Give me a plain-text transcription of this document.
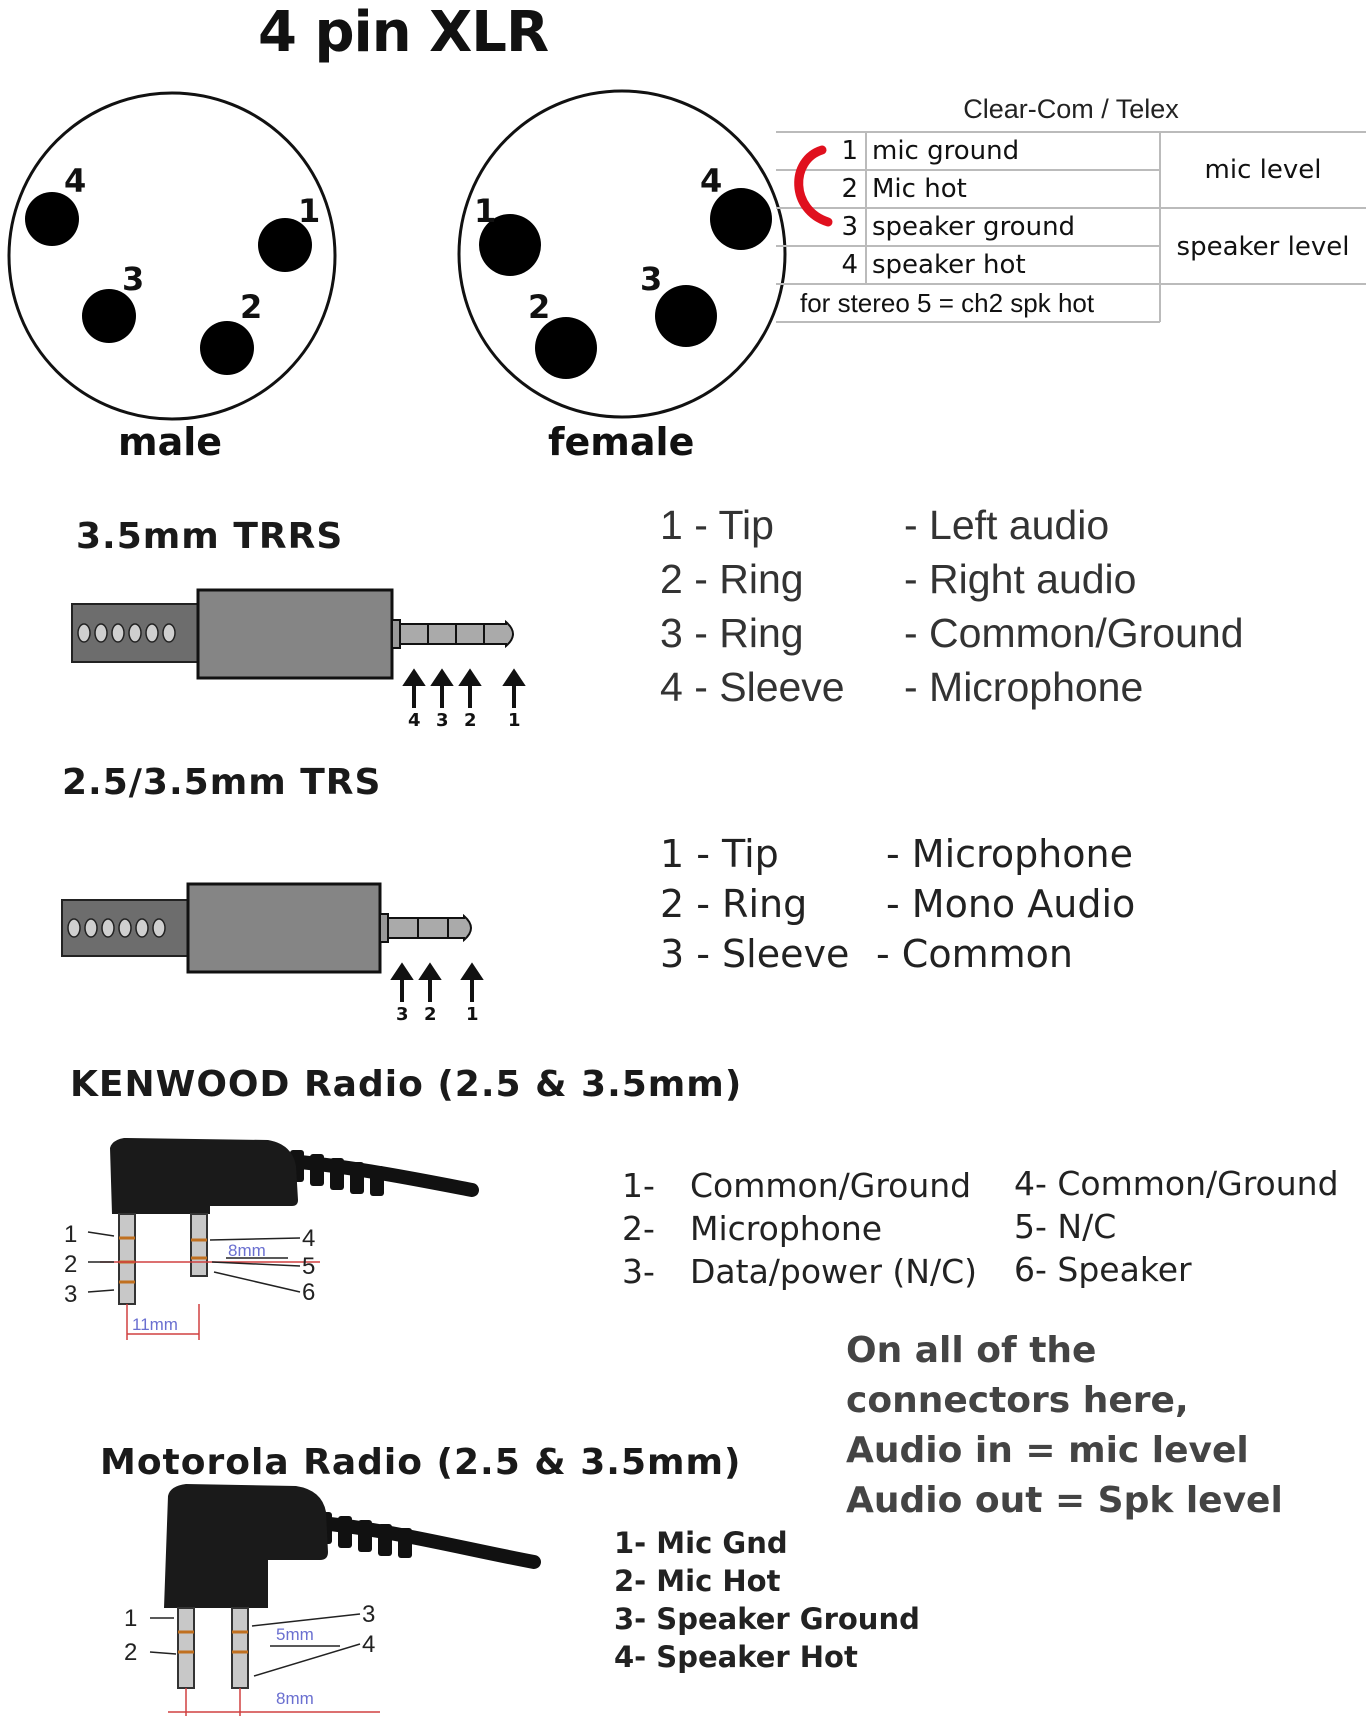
4
1
3
2
1
4
3
2
4 3 2 1
3 2 1
1
2
3
4
5
6
8mm
11mm
1
2
3
4
5mm
8mm
4 pin XLR
male	female
Clear-Com / Telex
1 mic ground
2 Mic hot
3 speaker ground
4 speaker hot
mic level
speaker level
for stereo 5 = ch2 spk hot
3.5mm TRRS	1 - Tip	- Left audio
2 - Ring - Right audio
3 - Ring - Common/Ground
4 - Sleeve - Microphone
2.5/3.5mm TRS
1 - Tip	- Microphone
2 - Ring - Mono Audio
3 - Sleeve - Common
KENWOOD Radio (2.5 & 3.5mm)
1- Common/Ground
2- Microphone
3- Data/power (N/C)
4- Common/Ground
5- N/C
6- Speaker
On all of the
connectors here,
Audio in = mic level
Audio out = Spk level
Motorola Radio (2.5 & 3.5mm)
1- Mic Gnd
2- Mic Hot
3- Speaker Ground
4- Speaker Hot
